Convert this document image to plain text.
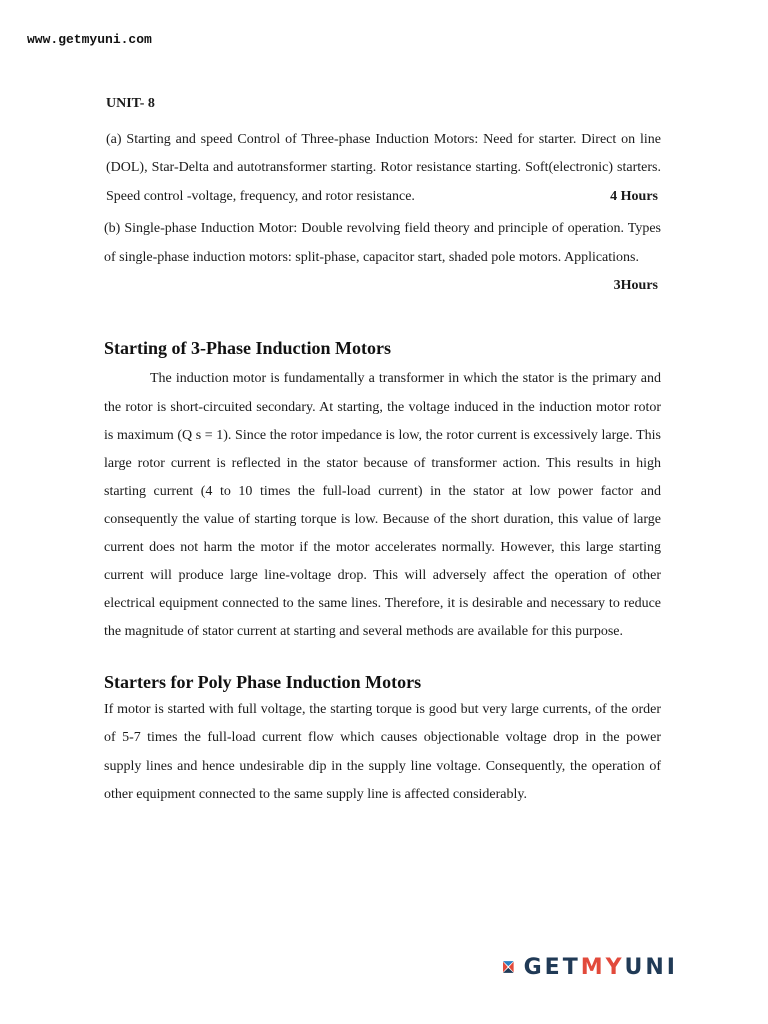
www.getmyuni.com

UNIT- 8

(a) Starting and speed Control of Three-phase Induction Motors: Need for starter. Direct on line (DOL), Star-Delta and autotransformer starting. Rotor resistance starting. Soft(electronic) starters. Speed control -voltage, frequency, and rotor resistance.	4 Hours

(b) Single-phase Induction Motor: Double revolving field theory and principle of operation. Types of single-phase induction motors: split-phase, capacitor start, shaded pole motors. Applications.
3Hours

Starting of 3-Phase Induction Motors

The induction motor is fundamentally a transformer in which the stator is the primary and the rotor is short-circuited secondary. At starting, the voltage induced in the induction motor rotor is maximum (Q s = 1). Since the rotor impedance is low, the rotor current is excessively large. This large rotor current is reflected in the stator because of transformer action. This results in high starting current (4 to 10 times the full-load current) in the stator at low power factor and consequently the value of starting torque is low. Because of the short duration, this value of large current does not harm the motor if the motor accelerates normally. However, this large starting current will produce large line-voltage drop. This will adversely affect the operation of other electrical equipment connected to the same lines. Therefore, it is desirable and necessary to reduce the magnitude of stator current at starting and several methods are available for this purpose.

Starters for Poly Phase Induction Motors

If motor is started with full voltage, the starting torque is good but very large currents, of the order of 5-7 times the full-load current flow which causes objectionable voltage drop in the power supply lines and hence undesirable dip in the supply line voltage. Consequently, the operation of other equipment connected to the same supply line is affected considerably.

GETMYUNI
